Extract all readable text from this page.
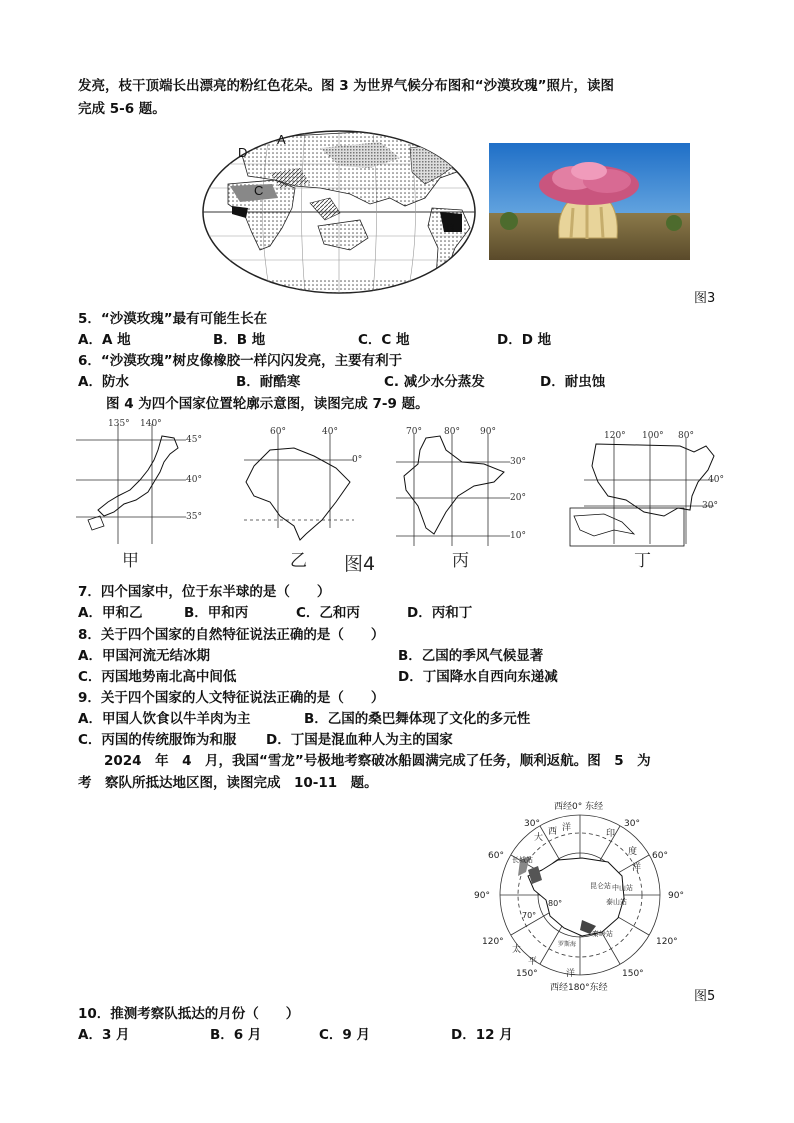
发亮，枝干顶端长出漂亮的粉红色花朵。图 3 为世界气候分布图和“沙漠玫瑰”照片，读图
完成 5-6 题。
A
D
C
B
图3
5．“沙漠玫瑰”最有可能生长在
A．A 地	B．B 地	C．C 地	D．D 地
6．“沙漠玫瑰”树皮像橡胶一样闪闪发亮，主要有利于
A．防水	B．耐酷寒	C. 减少水分蒸发	D．耐虫蚀
图 4 为四个国家位置轮廓示意图，读图完成 7-9 题。
135° 140°
45°
40°
35°
60°	40°
0°
70° 80° 90°
30°
20°
10°
120° 100° 80°
40°
30°
甲	乙	丙	丁
图4
7．四个国家中，位于东半球的是（　　）
A．甲和乙	B．甲和丙	C．乙和丙	D．丙和丁
8．关于四个国家的自然特征说法正确的是（　　）
A．甲国河流无结冰期	B．乙国的季风气候显著
C．丙国地势南北高中间低	D．丁国降水自西向东递减
9．关于四个国家的人文特征说法正确的是（　　）
A．甲国人饮食以牛羊肉为主	B．乙国的桑巴舞体现了文化的多元性
C．丙国的传统服饰为和服 D．丁国是混血种人为主的国家
2024　年　4　月，我国“雪龙”号极地考察破冰船圆满完成了任务，顺利返航。图　5　为
考　察队所抵达地区图，读图完成　10-11　题。
西经0° 东经
西经180°东经
30°	30°
60°	60°
90°	90°
120°	120°
150°	150°
70°
80°
长城站
昆仑站 中山站
泰山站
秦岭站
罗斯海
大
西 洋
印
度
洋
太
平
洋
图5
10．推测考察队抵达的月份（　　）
A．3 月	B．6 月	C．9 月	D．12 月
